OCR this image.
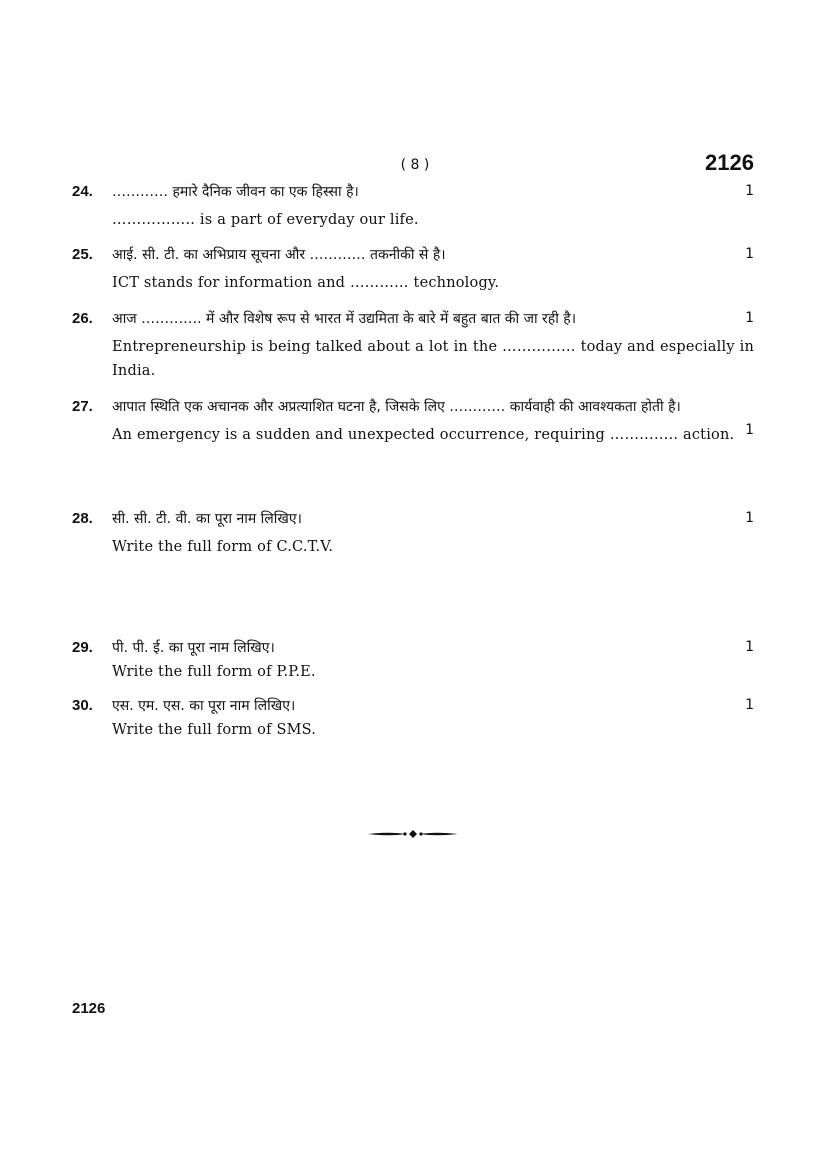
( 8 )	2126
24.	1
………… हमारे दैनिक जीवन का एक हिस्सा है।
…………….. is a part of everyday our life.
25.	1
आई. सी. टी. का अभिप्राय सूचना और ………… तकनीकी से है।
ICT stands for information and ………… technology.
26.	1
आज …………. में और विशेष रूप से भारत में उद्यमिता के बारे में बहुत बात की जा रही है।
Entrepreneurship is being talked about a lot in the …………… today and especially in India.
27.
1
आपात स्थिति एक अचानक और अप्रत्याशित घटना है, जिसके लिए ………… कार्यवाही की आवश्यकता होती है।
An emergency is a sudden and unexpected occurrence, requiring ………….. action.
28.	1
सी. सी. टी. वी. का पूरा नाम लिखिए।
Write the full form of C.C.T.V.
29.	1
पी. पी. ई. का पूरा नाम लिखिए।
Write the full form of P.P.E.
30.	1
एस. एम. एस. का पूरा नाम लिखिए।
Write the full form of SMS.
2126
